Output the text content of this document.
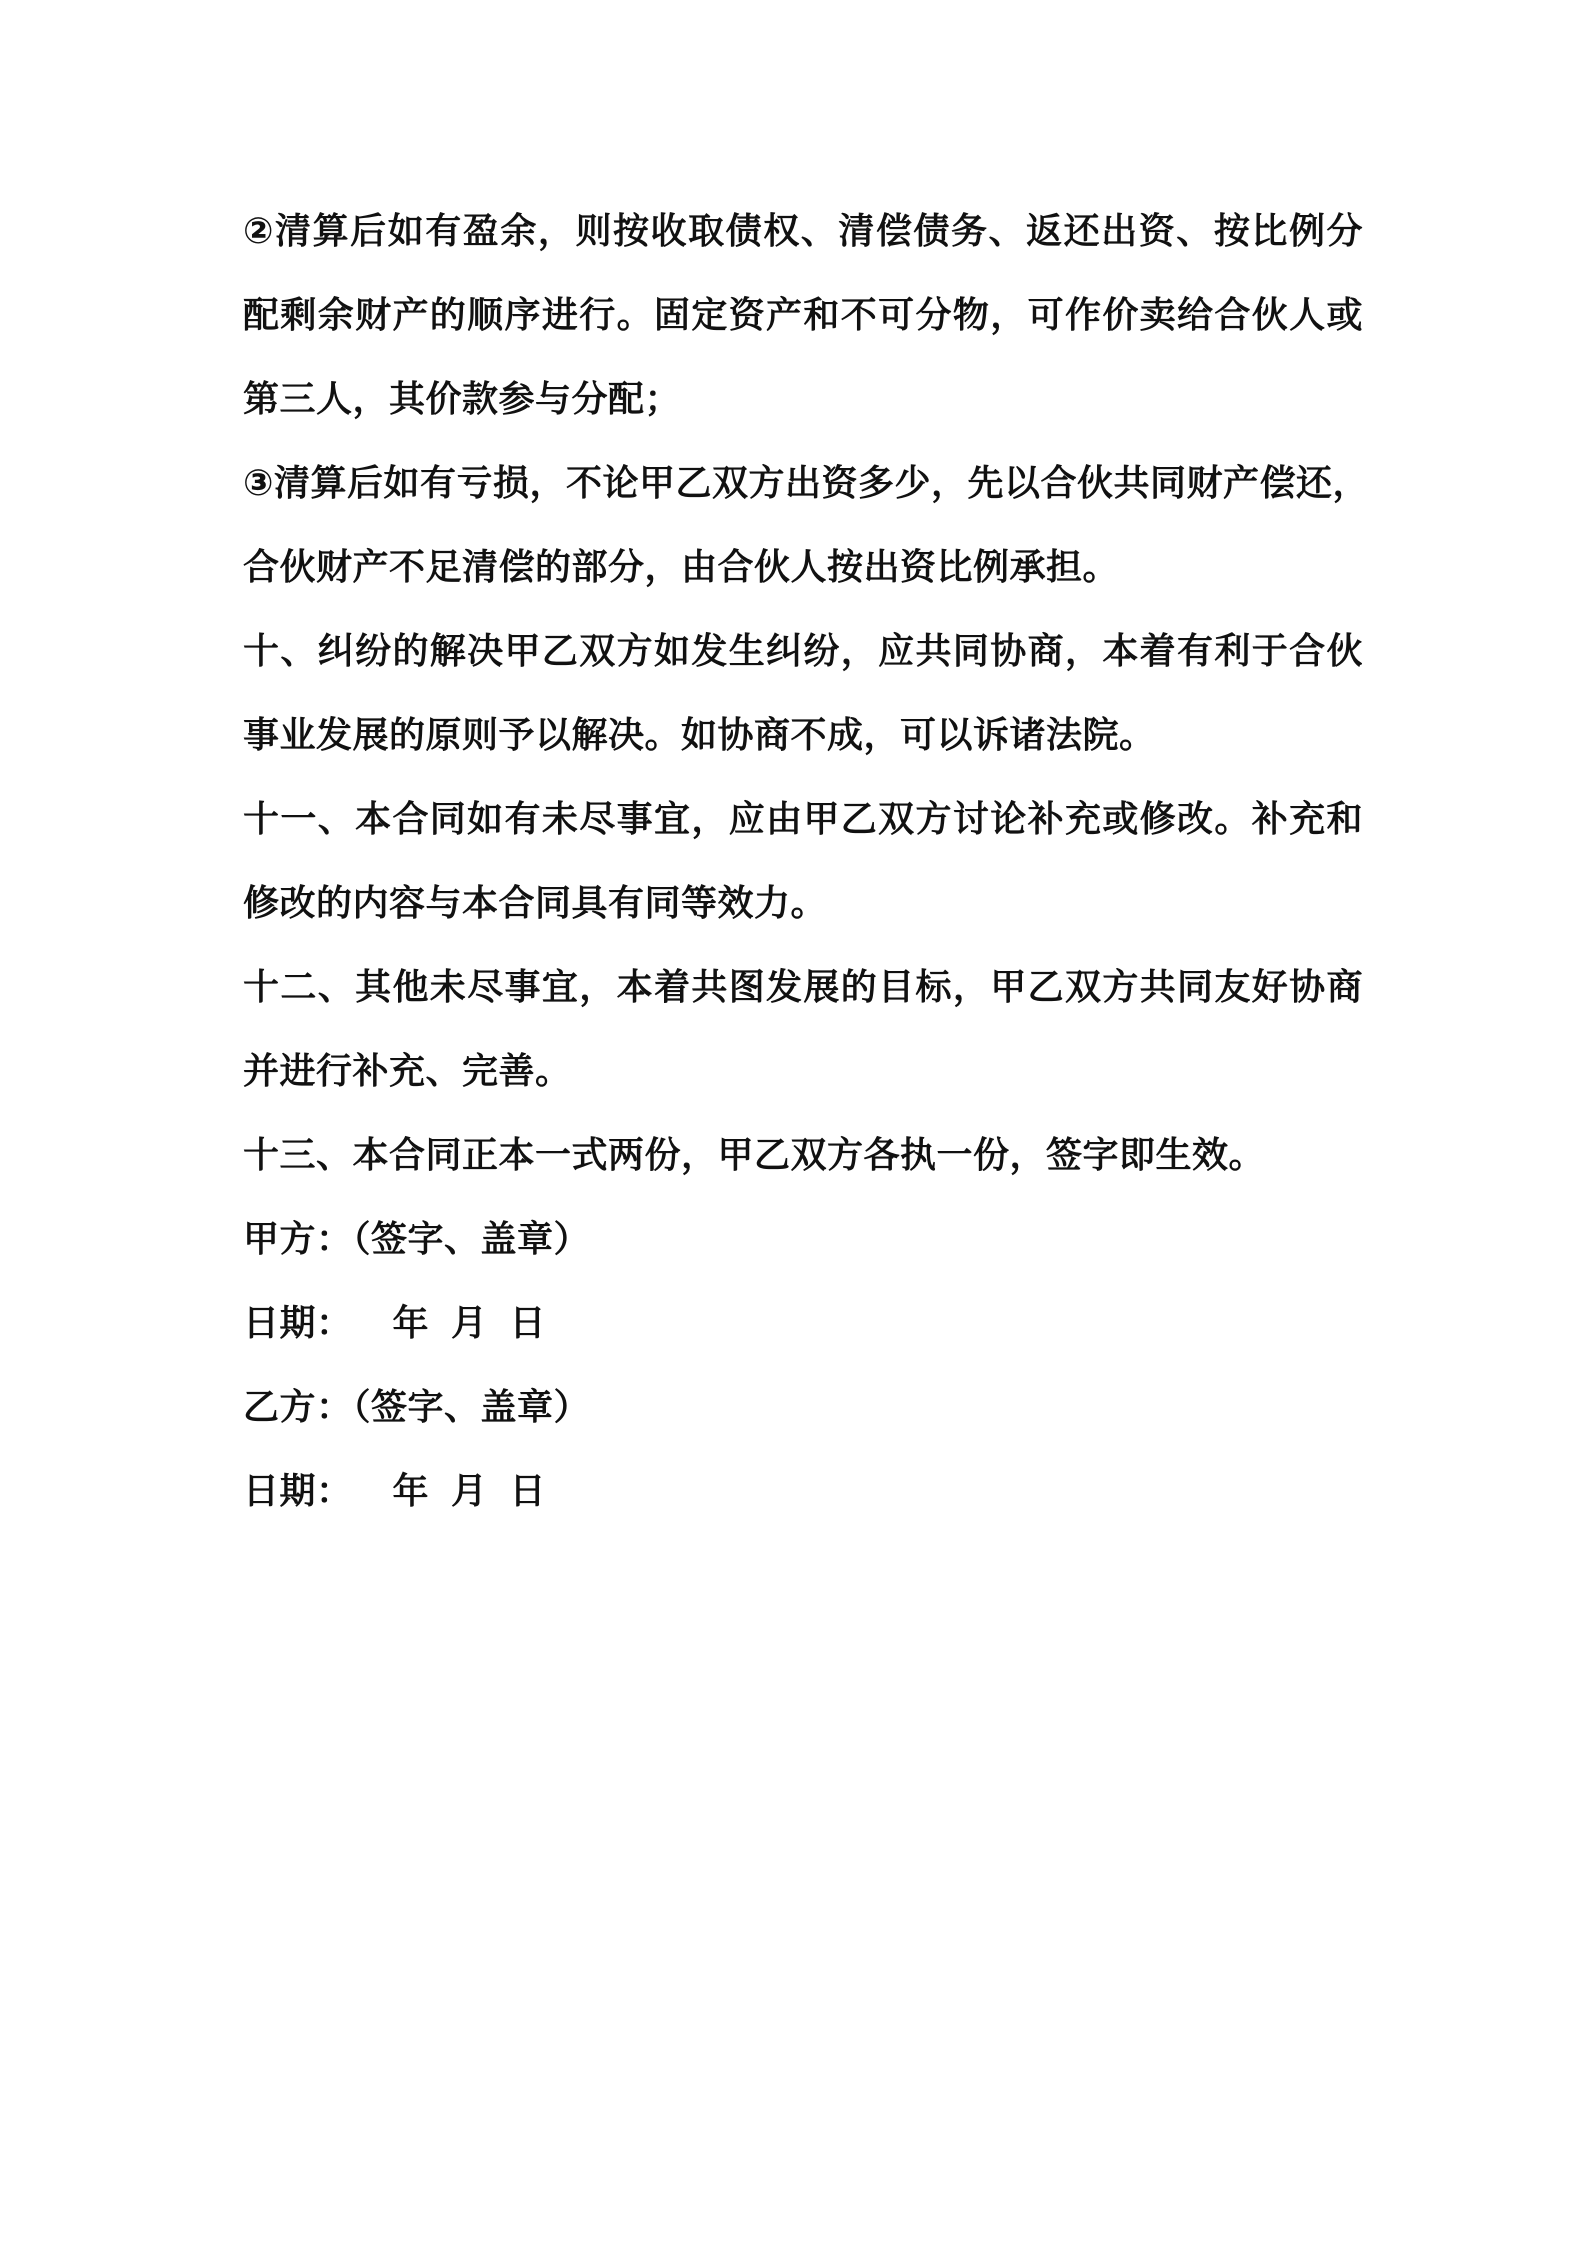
②清算后如有盈余，则按收取债权、清偿债务、返还出资、按比例分
配剩余财产的顺序进行。固定资产和不可分物，可作价卖给合伙人或
第三人，其价款参与分配；
③清算后如有亏损，不论甲乙双方出资多少，先以合伙共同财产偿还，
合伙财产不足清偿的部分，由合伙人按出资比例承担。
十、纠纷的解决甲乙双方如发生纠纷，应共同协商，本着有利于合伙
事业发展的原则予以解决。如协商不成，可以诉诸法院。
十一、本合同如有未尽事宜，应由甲乙双方讨论补充或修改。补充和
修改的内容与本合同具有同等效力。
十二、其他未尽事宜，本着共图发展的目标，甲乙双方共同友好协商
并进行补充、完善。
十三、本合同正本一式两份，甲乙双方各执一份，签字即生效。
甲方：（签字、盖章）
日期： 年 月 日
乙方：（签字、盖章）
日期： 年 月 日
